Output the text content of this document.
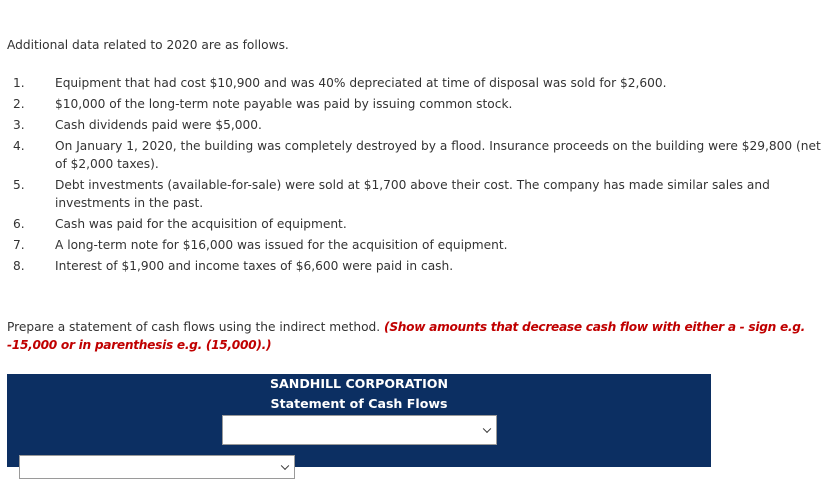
Additional data related to 2020 are as follows.

1.	Equipment that had cost $10,900 and was 40% depreciated at time of disposal was sold for $2,600.
2.	$10,000 of the long-term note payable was paid by issuing common stock.
3.	Cash dividends paid were $5,000.
4.	On January 1, 2020, the building was completely destroyed by a flood. Insurance proceeds on the building were $29,800 (net of $2,000 taxes).
5.	Debt investments (available-for-sale) were sold at $1,700 above their cost. The company has made similar sales and investments in the past.
6.	Cash was paid for the acquisition of equipment.
7.	A long-term note for $16,000 was issued for the acquisition of equipment.
8.	Interest of $1,900 and income taxes of $6,600 were paid in cash.
Prepare a statement of cash flows using the indirect method. (Show amounts that decrease cash flow with either a - sign e.g. -15,000 or in parenthesis e.g. (15,000).)
SANDHILL CORPORATION
Statement of Cash Flows
